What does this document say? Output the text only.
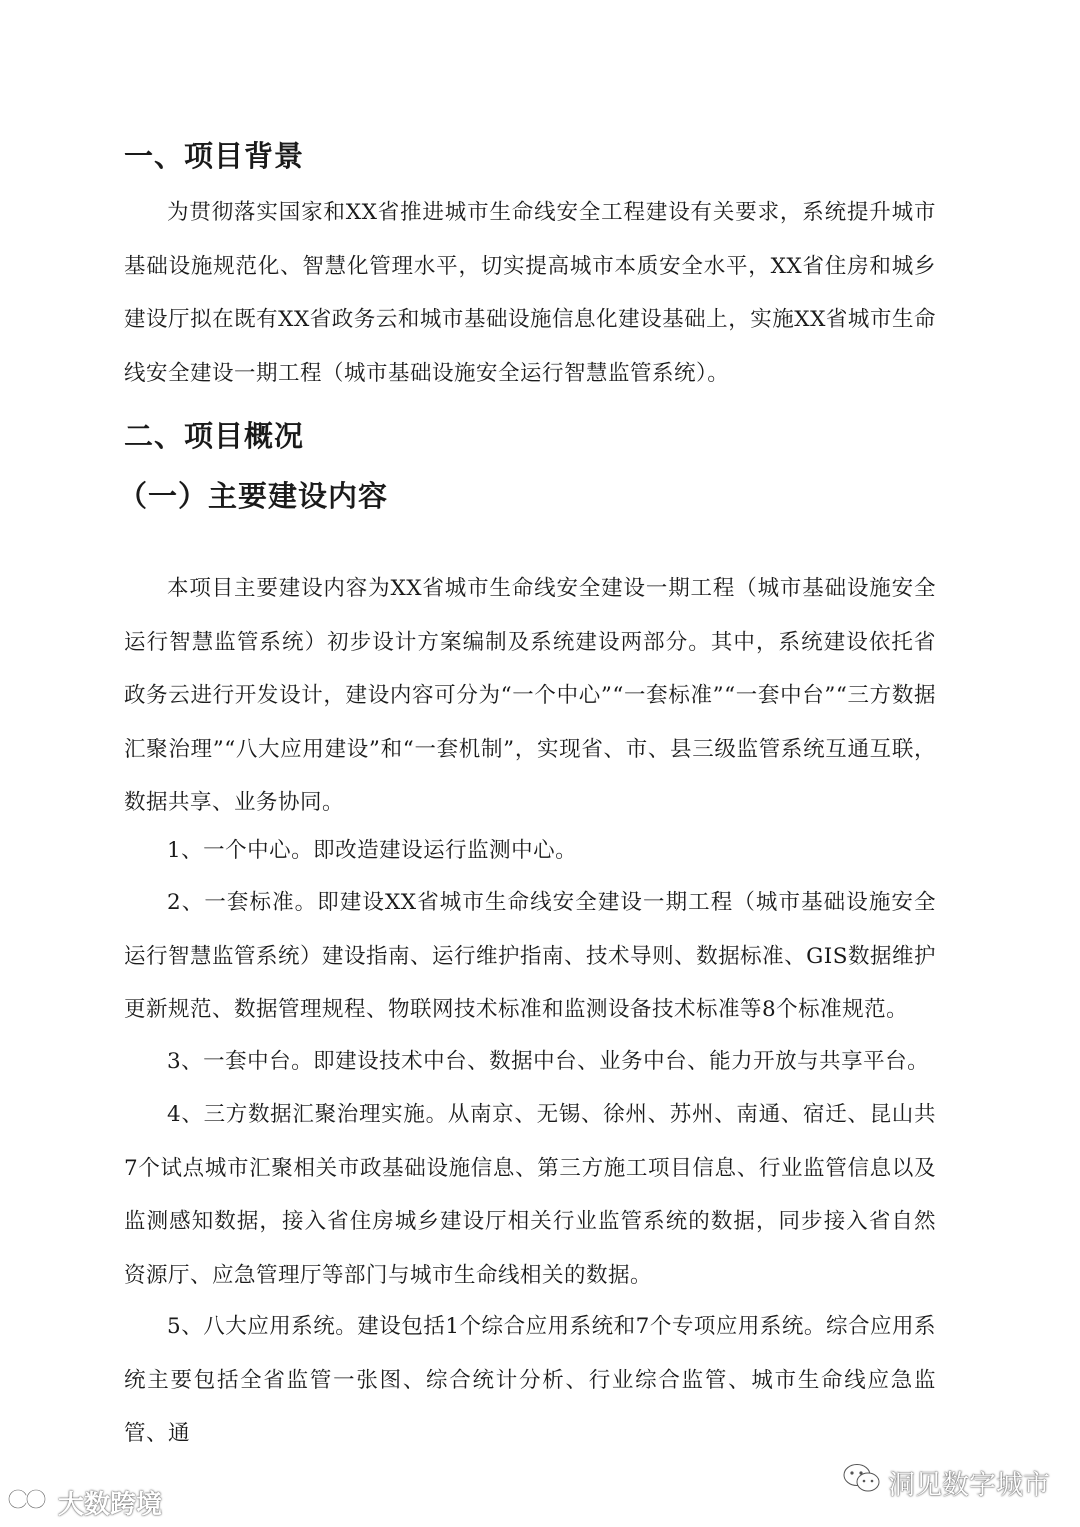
一、项目背景

为贯彻落实国家和XX省推进城市生命线安全工程建设有关要求，系统提升城市基础设施规范化、智慧化管理水平，切实提高城市本质安全水平，XX省住房和城乡建设厅拟在既有XX省政务云和城市基础设施信息化建设基础上，实施XX省城市生命线安全建设一期工程（城市基础设施安全运行智慧监管系统）。

二、项目概况
（一）主要建设内容

本项目主要建设内容为XX省城市生命线安全建设一期工程（城市基础设施安全运行智慧监管系统）初步设计方案编制及系统建设两部分。其中，系统建设依托省政务云进行开发设计，建设内容可分为“一个中心”“一套标准”“一套中台”“三方数据汇聚治理”“八大应用建设”和“一套机制”，实现省、市、县三级监管系统互通互联，数据共享、业务协同。

1、一个中心。即改造建设运行监测中心。

2、一套标准。即建设XX省城市生命线安全建设一期工程（城市基础设施安全运行智慧监管系统）建设指南、运行维护指南、技术导则、数据标准、GIS数据维护更新规范、数据管理规程、物联网技术标准和监测设备技术标准等8个标准规范。

3、一套中台。即建设技术中台、数据中台、业务中台、能力开放与共享平台。

4、三方数据汇聚治理实施。从南京、无锡、徐州、苏州、南通、宿迁、昆山共7个试点城市汇聚相关市政基础设施信息、第三方施工项目信息、行业监管信息以及监测感知数据，接入省住房城乡建设厅相关行业监管系统的数据，同步接入省自然资源厅、应急管理厅等部门与城市生命线相关的数据。

5、八大应用系统。建设包括1个综合应用系统和7个专项应用系统。综合应用系统主要包括全省监管一张图、综合统计分析、行业综合监管、城市生命线应急监管、通

大数跨境
洞见数字城市
